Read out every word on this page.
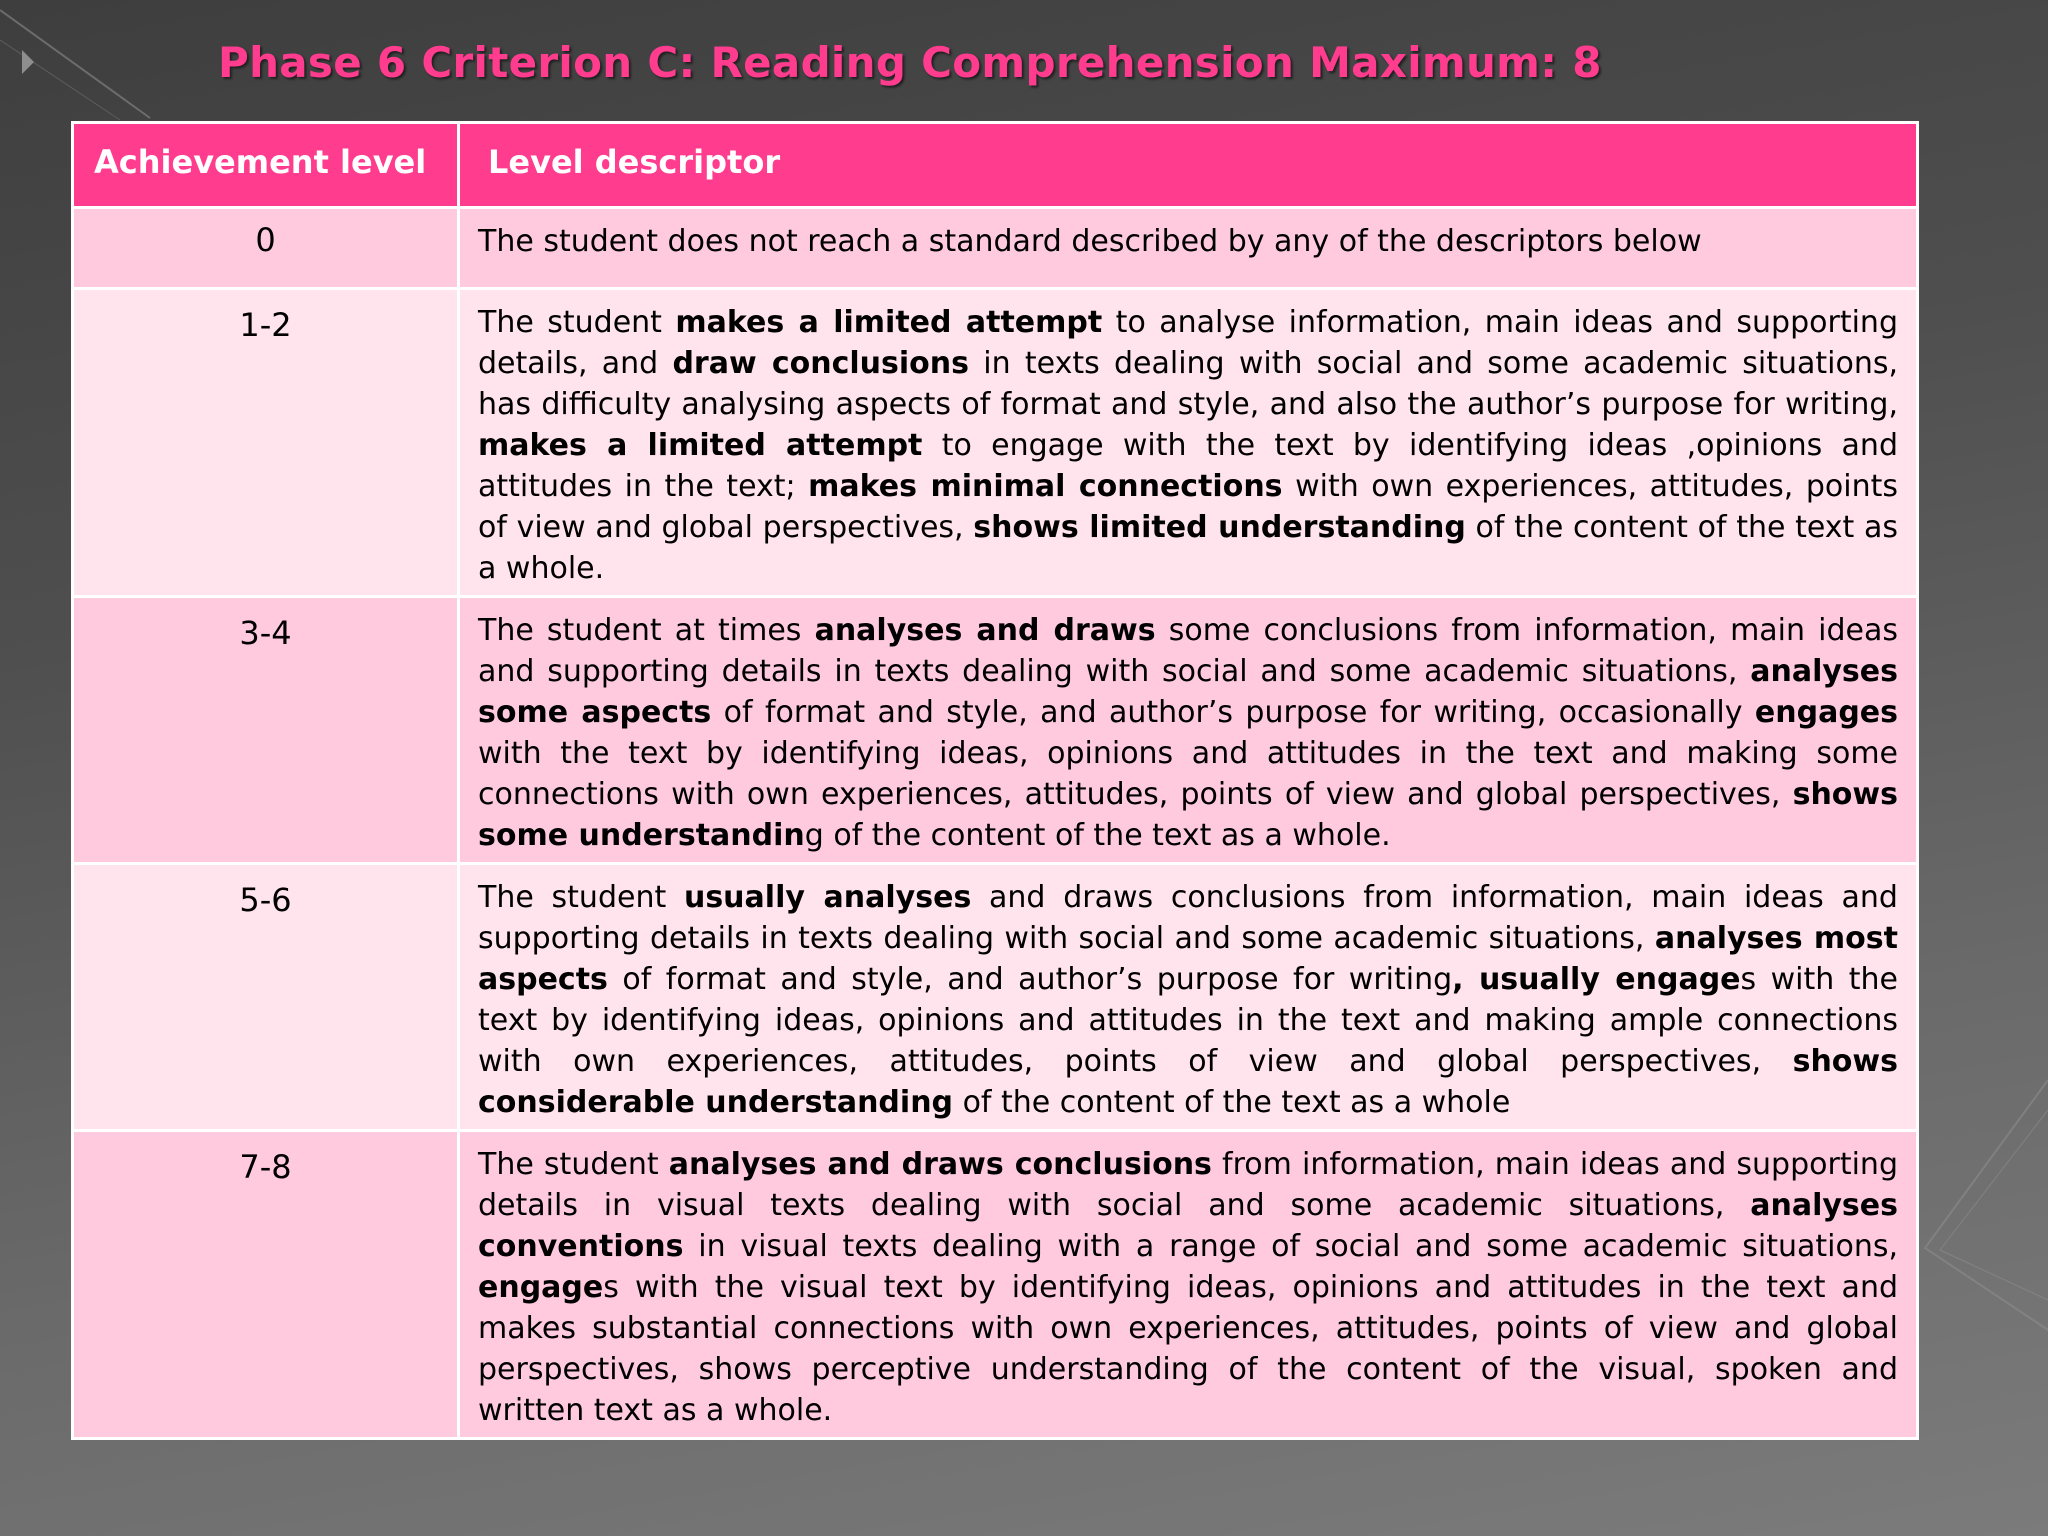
Phase 6 Criterion C: Reading Comprehension Maximum: 8
Achievement level	Level descriptor
0	The student does not reach a standard described by any of the descriptors below
1-2	The student makes a limited attempt to analyse information, main ideas and supporting details, and draw conclusions in texts dealing with social and some academic situations, has difficulty analysing aspects of format and style, and also the author’s purpose for writing, makes a limited attempt to engage with the text by identifying ideas ,opinions and attitudes in the text; makes minimal connections with own experiences, attitudes, points of view and global perspectives, shows limited understanding of the content of the text as a whole.
3-4	The student at times analyses and draws some conclusions from information, main ideas and supporting details in texts dealing with social and some academic situations, analyses some aspects of format and style, and author’s purpose for writing, occasionally engages with the text by identifying ideas, opinions and attitudes in the text and making some connections with own experiences, attitudes, points of view and global perspectives, shows some understanding of the content of the text as a whole.
5-6	The student usually analyses and draws conclusions from information, main ideas and supporting details in texts dealing with social and some academic situations, analyses most aspects of format and style, and author’s purpose for writing, usually engages with the text by identifying ideas, opinions and attitudes in the text and making ample connections with own experiences, attitudes, points of view and global perspectives, shows considerable understanding of the content of the text as a whole
7-8	The student analyses and draws conclusions from information, main ideas and supporting details in visual texts dealing with social and some academic situations, analyses conventions in visual texts dealing with a range of social and some academic situations, engages with the visual text by identifying ideas, opinions and attitudes in the text and makes substantial connections with own experiences, attitudes, points of view and global perspectives, shows perceptive understanding of the content of the visual, spoken and written text as a whole.
